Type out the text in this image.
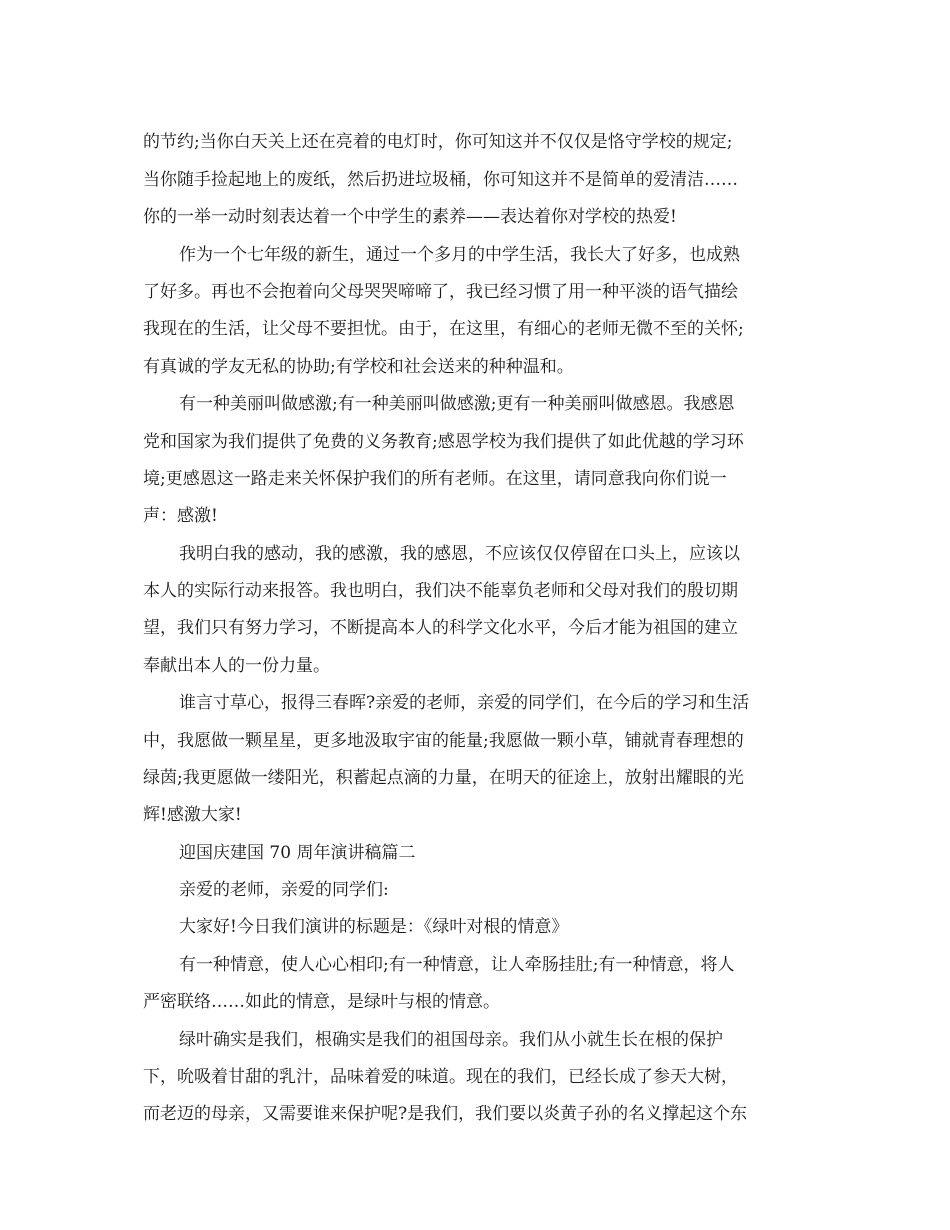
的节约;当你白天关上还在亮着的电灯时，你可知这并不仅仅是恪守学校的规定;
当你随手捡起地上的废纸，然后扔进垃圾桶，你可知这并不是简单的爱清洁……
你的一举一动时刻表达着一个中学生的素养——表达着你对学校的热爱!
作为一个七年级的新生，通过一个多月的中学生活，我长大了好多，也成熟
了好多。再也不会抱着向父母哭哭啼啼了，我已经习惯了用一种平淡的语气描绘
我现在的生活，让父母不要担忧。由于，在这里，有细心的老师无微不至的关怀;
有真诚的学友无私的协助;有学校和社会送来的种种温和。
有一种美丽叫做感激;有一种美丽叫做感激;更有一种美丽叫做感恩。我感恩
党和国家为我们提供了免费的义务教育;感恩学校为我们提供了如此优越的学习环
境;更感恩这一路走来关怀保护我们的所有老师。在这里，请同意我向你们说一
声：感激!
我明白我的感动，我的感激，我的感恩，不应该仅仅停留在口头上，应该以
本人的实际行动来报答。我也明白，我们决不能辜负老师和父母对我们的殷切期
望，我们只有努力学习，不断提高本人的科学文化水平，今后才能为祖国的建立
奉献出本人的一份力量。
谁言寸草心，报得三春晖?亲爱的老师，亲爱的同学们，在今后的学习和生活
中，我愿做一颗星星，更多地汲取宇宙的能量;我愿做一颗小草，铺就青春理想的
绿茵;我更愿做一缕阳光，积蓄起点滴的力量，在明天的征途上，放射出耀眼的光
辉!感激大家!
迎国庆建国 70 周年演讲稿篇二
亲爱的老师，亲爱的同学们:
大家好!今日我们演讲的标题是：《绿叶对根的情意》
有一种情意，使人心心相印;有一种情意，让人牵肠挂肚;有一种情意，将人
严密联络……如此的情意，是绿叶与根的情意。
绿叶确实是我们，根确实是我们的祖国母亲。我们从小就生长在根的保护
下，吮吸着甘甜的乳汁，品味着爱的味道。现在的我们，已经长成了参天大树，
而老迈的母亲，又需要谁来保护呢?是我们，我们要以炎黄子孙的名义撑起这个东
